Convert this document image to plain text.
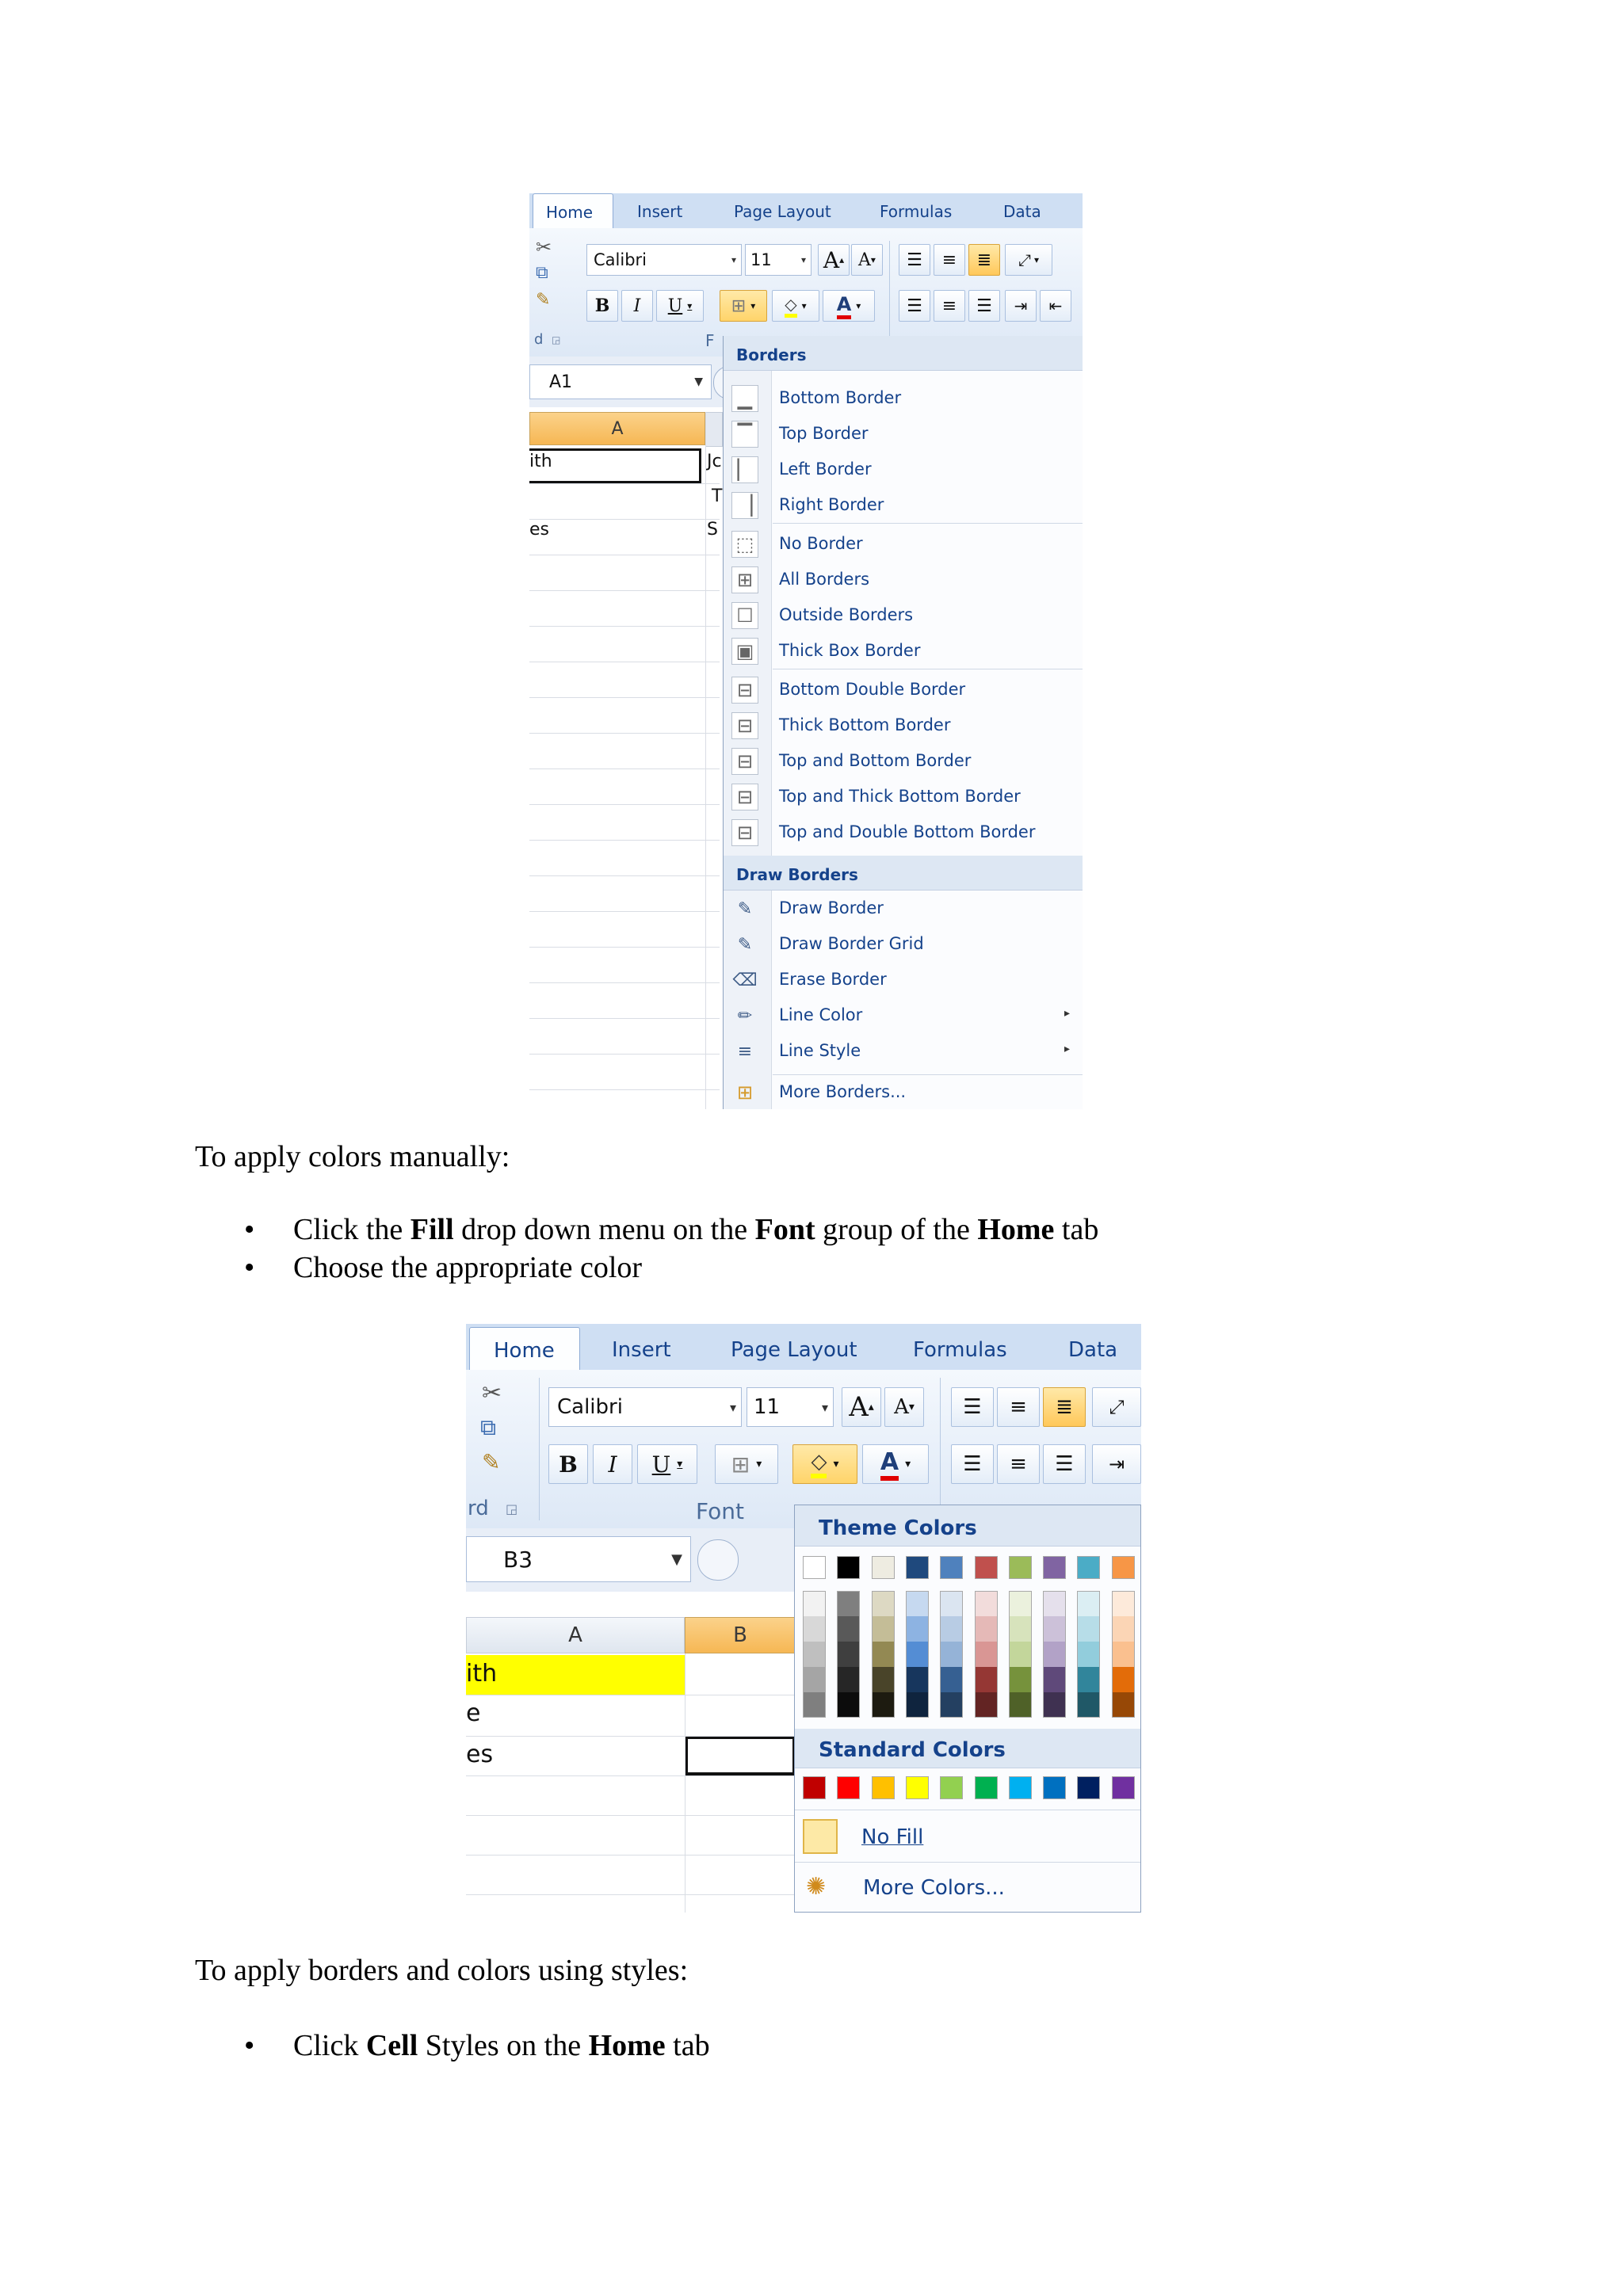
Home	Insert	Page Layout	Formulas	Data
✂
⧉
✎
d ◲
Calibri	▾ 11	▾ A ▴ A ▾
B	I	U ▾ ⊞ ▾ ◇ ▾ A ▾
F
☰	≡	≣	⤢ ▾
☰	≡	☰	⇥	⇤
A1	▼
A
ith	Jc
T
es	S
Borders
▁	Bottom Border
▔	Top Border
▏	Left Border
▕	Right Border
⬚ No Border
⊞	All Borders
☐ Outside Borders
▣ Thick Box Border
⊟	Bottom Double Border
⊟	Thick Bottom Border
⊟	Top and Bottom Border
⊟	Top and Thick Bottom Border
⊟	Top and Double Bottom Border
Draw Borders
✎	Draw Border
✎	Draw Border Grid
⌫ Erase Border
✏	Line Color	▸
≡	Line Style	▸
⊞	More Borders...
To apply colors manually:
• Click the Fill drop down menu on the Font group of the Home tab
• Choose the appropriate color
Home	Insert	Page Layout	Formulas	Data
✂
⧉
✎
rd ◲
Calibri	▾ 11	▾ A ▴ A ▾
B	I	U ▾ ⊞ ▾ ◇ ▾ A ▾
Font
☰	≡	≣	⤢
☰	≡	☰	⇥
B3	▼
A	B
ith
e
es
Theme Colors
Standard Colors
No Fill
✺ More Colors...
To apply borders and colors using styles:
• Click Cell Styles on the Home tab
